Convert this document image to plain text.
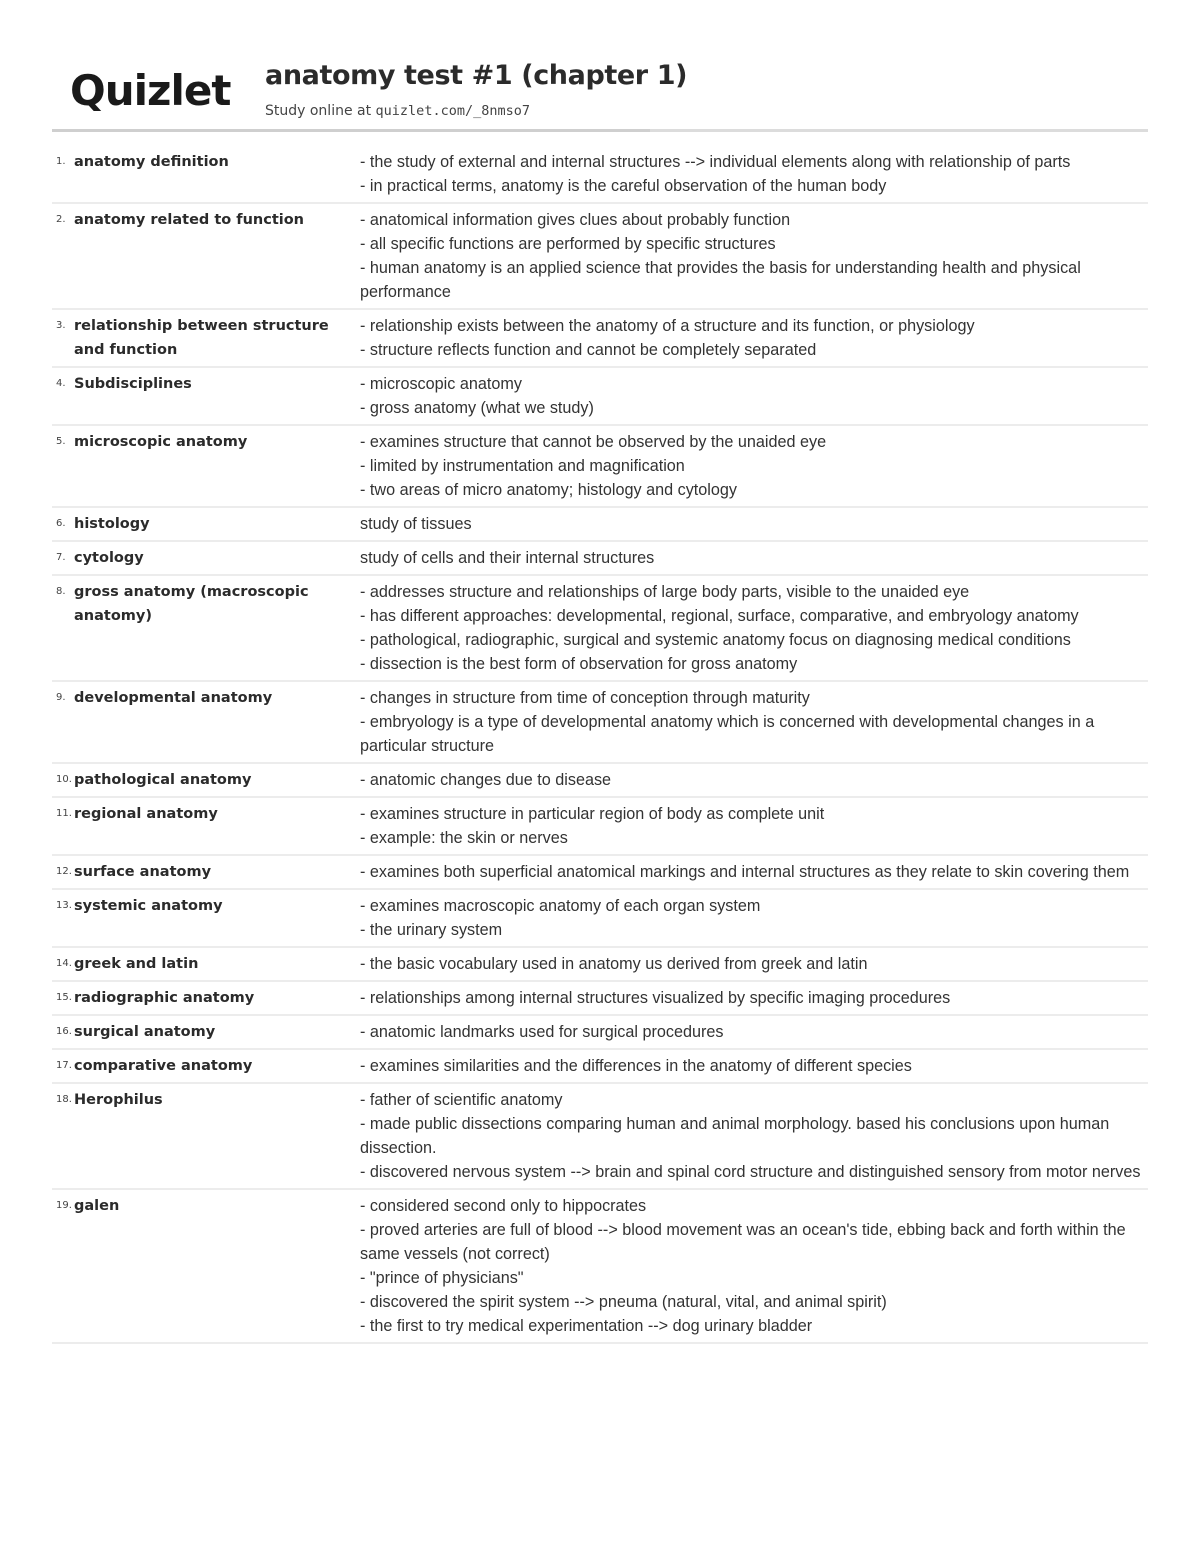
Quizlet anatomy test #1 (chapter 1)
Study online at quizlet.com/_8nmso7
1. anatomy definition	- the study of external and internal structures --> individual elements along with relationship of parts
- in practical terms, anatomy is the careful observation of the human body
2. anatomy related to function	- anatomical information gives clues about probably function
- all specific functions are performed by specific structures
- human anatomy is an applied science that provides the basis for understanding health and physical performance
3. relationship between structure and function
- relationship exists between the anatomy of a structure and its function, or physiology
- structure reflects function and cannot be completely separated
4. Subdisciplines	- microscopic anatomy
- gross anatomy (what we study)
5. microscopic anatomy	- examines structure that cannot be observed by the unaided eye
- limited by instrumentation and magnification
- two areas of micro anatomy; histology and cytology
6. histology	study of tissues
7. cytology	study of cells and their internal structures
8. gross anatomy (macroscopic anatomy)
- addresses structure and relationships of large body parts, visible to the unaided eye
- has different approaches: developmental, regional, surface, comparative, and embryology anatomy
- pathological, radiographic, surgical and systemic anatomy focus on diagnosing medical conditions
- dissection is the best form of observation for gross anatomy
9. developmental anatomy	- changes in structure from time of conception through maturity
- embryology is a type of developmental anatomy which is concerned with developmental changes in a particular structure
10. pathological anatomy	- anatomic changes due to disease
11. regional anatomy	- examines structure in particular region of body as complete unit
- example: the skin or nerves
12. surface anatomy	- examines both superficial anatomical markings and internal structures as they relate to skin covering them
13. systemic anatomy	- examines macroscopic anatomy of each organ system
- the urinary system
14. greek and latin	- the basic vocabulary used in anatomy us derived from greek and latin
15. radiographic anatomy	- relationships among internal structures visualized by specific imaging procedures
16. surgical anatomy	- anatomic landmarks used for surgical procedures
17. comparative anatomy	- examines similarities and the differences in the anatomy of different species
18. Herophilus	- father of scientific anatomy
- made public dissections comparing human and animal morphology. based his conclusions upon human dissection.
- discovered nervous system --> brain and spinal cord structure and distinguished sensory from motor nerves
19. galen	- considered second only to hippocrates
- proved arteries are full of blood --> blood movement was an ocean's tide, ebbing back and forth within the same vessels (not correct)
- "prince of physicians"
- discovered the spirit system --> pneuma (natural, vital, and animal spirit)
- the first to try medical experimentation --> dog urinary bladder
